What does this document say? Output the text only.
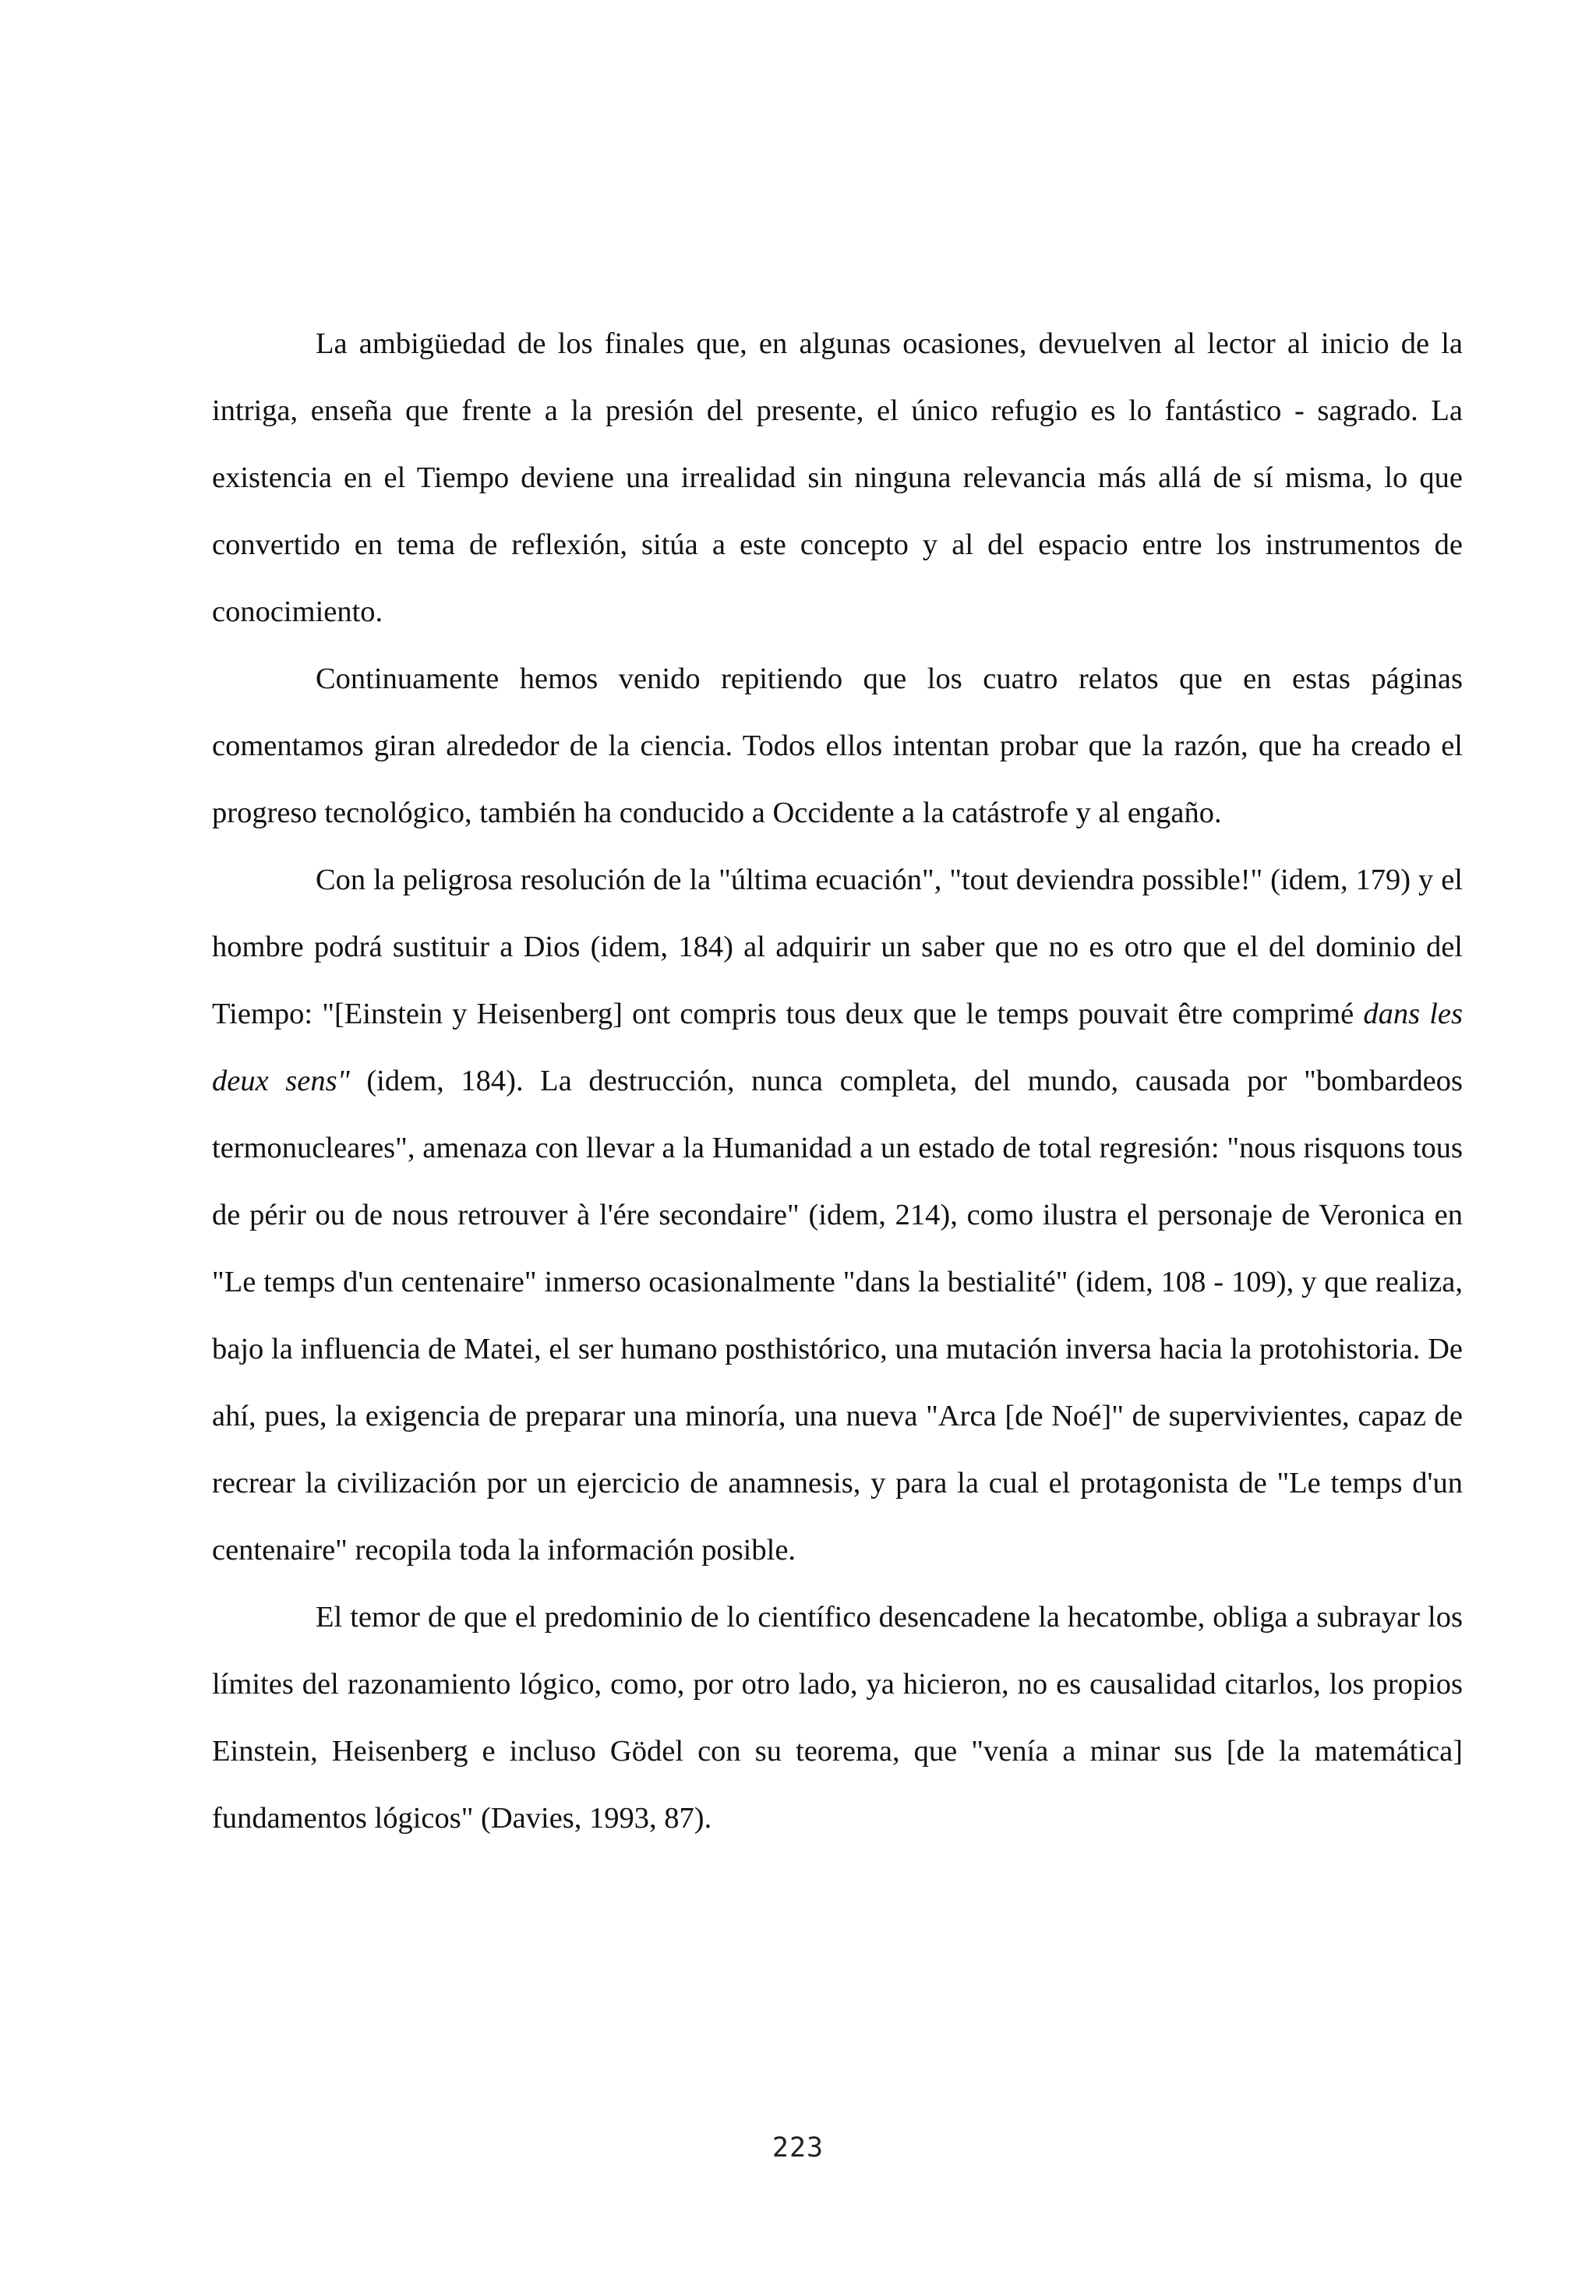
La ambigüedad de los finales que, en algunas ocasiones, devuelven al lector al inicio de la intriga, enseña que frente a la presión del presente, el único refugio es lo fantástico - sagrado. La existencia en el Tiempo deviene una irrealidad sin ninguna relevancia más allá de sí misma, lo que convertido en tema de reflexión, sitúa a este concepto y al del espacio entre los instrumentos de conocimiento.

Continuamente hemos venido repitiendo que los cuatro relatos que en estas páginas comentamos giran alrededor de la ciencia. Todos ellos intentan probar que la razón, que ha creado el progreso tecnológico, también ha conducido a Occidente a la catástrofe y al engaño.

Con la peligrosa resolución de la "última ecuación", "tout deviendra possible!" (idem, 179) y el hombre podrá sustituir a Dios (idem, 184) al adquirir un saber que no es otro que el del dominio del Tiempo: "[Einstein y Heisenberg] ont compris tous deux que le temps pouvait être comprimé dans les deux sens" (idem, 184). La destrucción, nunca completa, del mundo, causada por "bombardeos termonucleares", amenaza con llevar a la Humanidad a un estado de total regresión: "nous risquons tous de périr ou de nous retrouver à l'ére secondaire" (idem, 214), como ilustra el personaje de Veronica en "Le temps d'un centenaire" inmerso ocasionalmente "dans la bestialité" (idem, 108 - 109), y que realiza, bajo la influencia de Matei, el ser humano posthistórico, una mutación inversa hacia la protohistoria. De ahí, pues, la exigencia de preparar una minoría, una nueva "Arca [de Noé]" de supervivientes, capaz de recrear la civilización por un ejercicio de anamnesis, y para la cual el protagonista de "Le temps d'un centenaire" recopila toda la información posible.

El temor de que el predominio de lo científico desencadene la hecatombe, obliga a subrayar los límites del razonamiento lógico, como, por otro lado, ya hicieron, no es causalidad citarlos, los propios Einstein, Heisenberg e incluso Gödel con su teorema, que "venía a minar sus [de la matemática] fundamentos lógicos" (Davies, 1993, 87).

223
